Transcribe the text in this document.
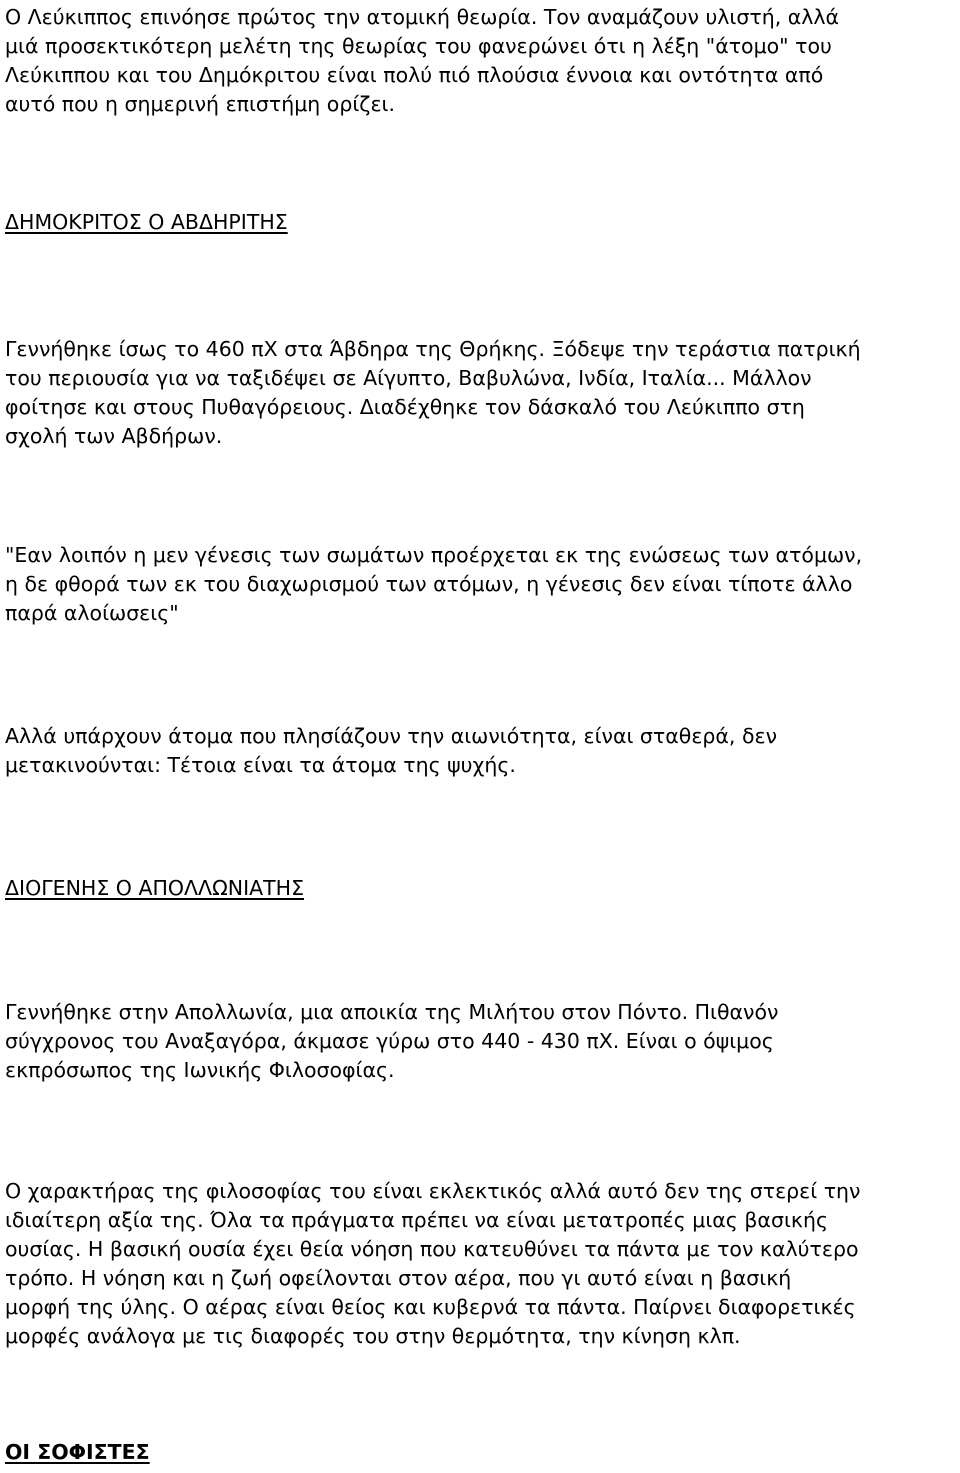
Ο Λεύκιππος επινόησε πρώτος την ατομική θεωρία. Τον αναμάζουν υλιστή, αλλά
μιά προσεκτικότερη μελέτη της θεωρίας του φανερώνει ότι η λέξη "άτομο" του
Λεύκιππου και του Δημόκριτου είναι πολύ πιό πλούσια έννοια και οντότητα από
αυτό που η σημερινή επιστήμη ορίζει.
ΔΗΜΟΚΡΙΤΟΣ Ο ΑΒΔΗΡΙΤΗΣ
Γεννήθηκε ίσως το 460 πΧ στα Άβδηρα της Θρήκης. Ξόδεψε την τεράστια πατρική
του περιουσία για να ταξιδέψει σε Αίγυπτο, Βαβυλώνα, Ινδία, Ιταλία... Μάλλον
φοίτησε και στους Πυθαγόρειους. Διαδέχθηκε τον δάσκαλό του Λεύκιππο στη
σχολή των Αβδήρων.
"Εαν λοιπόν η μεν γένεσις των σωμάτων προέρχεται εκ της ενώσεως των ατόμων,
η δε φθορά των εκ του διαχωρισμού των ατόμων, η γένεσις δεν είναι τίποτε άλλο
παρά αλοίωσεις"
Αλλά υπάρχουν άτομα που πλησίάζουν την αιωνιότητα, είναι σταθερά, δεν
μετακινούνται: Τέτοια είναι τα άτομα της ψυχής.
ΔΙΟΓΕΝΗΣ Ο ΑΠΟΛΛΩΝΙΑΤΗΣ
Γεννήθηκε στην Απολλωνία, μια αποικία της Μιλήτου στον Πόντο. Πιθανόν
σύγχρονος του Αναξαγόρα, άκμασε γύρω στο 440 - 430 πΧ. Είναι ο όψιμος
εκπρόσωπος της Ιωνικής Φιλοσοφίας.
Ο χαρακτήρας της φιλοσοφίας του είναι εκλεκτικός αλλά αυτό δεν της στερεί την
ιδιαίτερη αξία της. Όλα τα πράγματα πρέπει να είναι μετατροπές μιας βασικής
ουσίας. Η βασική ουσία έχει θεία νόηση που κατευθύνει τα πάντα με τον καλύτερο
τρόπο. Η νόηση και η ζωή οφείλονται στον αέρα, που γι αυτό είναι η βασική
μορφή της ύλης. Ο αέρας είναι θείος και κυβερνά τα πάντα. Παίρνει διαφορετικές
μορφές ανάλογα με τις διαφορές του στην θερμότητα, την κίνηση κλπ.
ΟΙ ΣΟΦΙΣΤΕΣ
